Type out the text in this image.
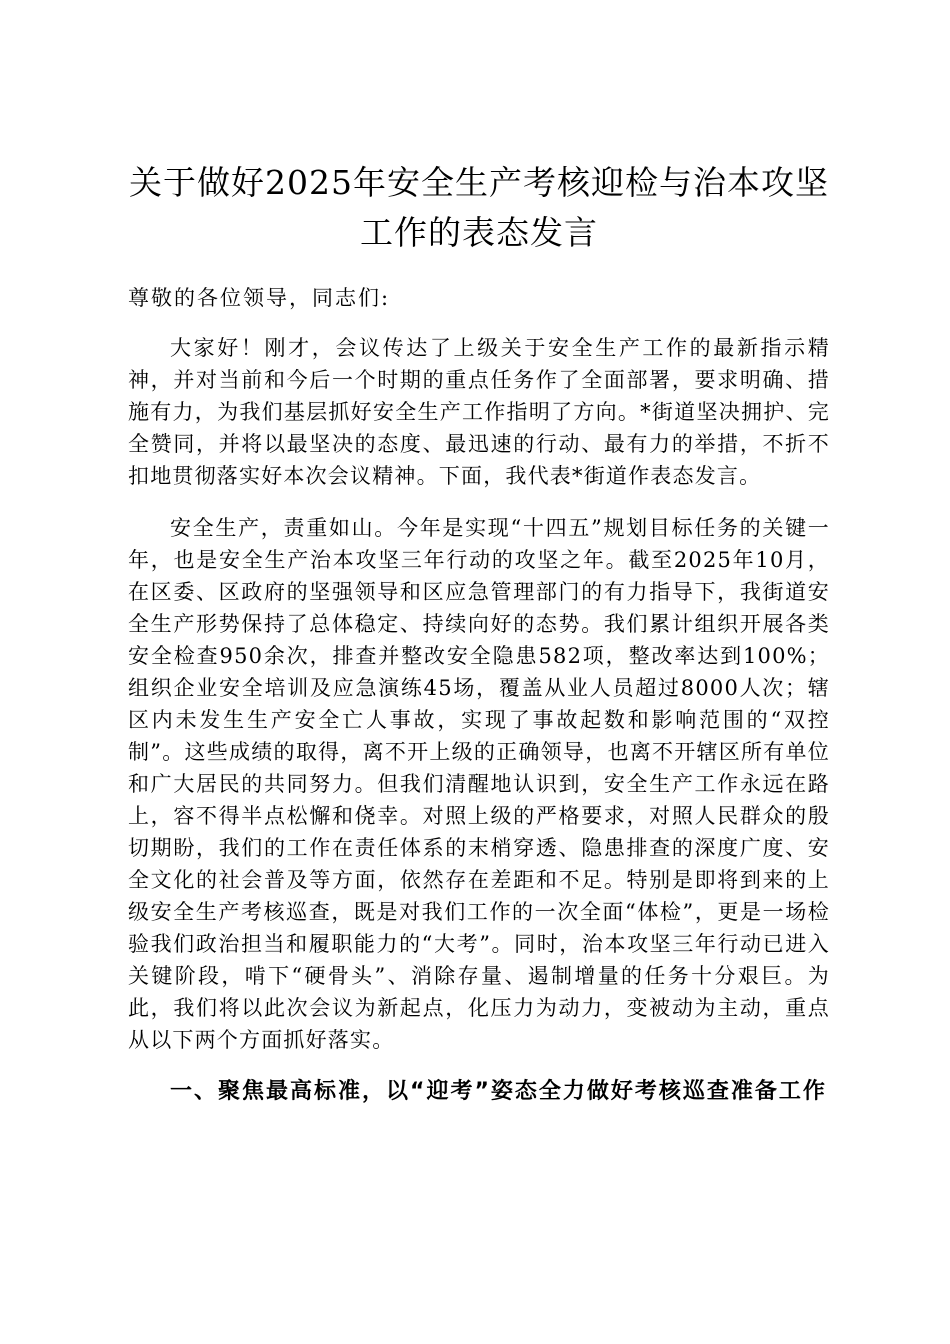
关于做好2025年安全生产考核迎检与治本攻坚工作的表态发言

尊敬的各位领导，同志们:

大家好！刚才，会议传达了上级关于安全生产工作的最新指示精神，并对当前和今后一个时期的重点任务作了全面部署，要求明确、措施有力，为我们基层抓好安全生产工作指明了方向。*街道坚决拥护、完全赞同，并将以最坚决的态度、最迅速的行动、最有力的举措，不折不扣地贯彻落实好本次会议精神。下面，我代表*街道作表态发言。

安全生产，责重如山。今年是实现“十四五”规划目标任务的关键一年，也是安全生产治本攻坚三年行动的攻坚之年。截至2025年10月，在区委、区政府的坚强领导和区应急管理部门的有力指导下，我街道安全生产形势保持了总体稳定、持续向好的态势。我们累计组织开展各类安全检查950余次，排查并整改安全隐患582项，整改率达到100%；组织企业安全培训及应急演练45场，覆盖从业人员超过8000人次；辖区内未发生生产安全亡人事故，实现了事故起数和影响范围的“双控制”。这些成绩的取得，离不开上级的正确领导，也离不开辖区所有单位和广大居民的共同努力。但我们清醒地认识到，安全生产工作永远在路上，容不得半点松懈和侥幸。对照上级的严格要求，对照人民群众的殷切期盼，我们的工作在责任体系的末梢穿透、隐患排查的深度广度、安全文化的社会普及等方面，依然存在差距和不足。特别是即将到来的上级安全生产考核巡查，既是对我们工作的一次全面“体检”，更是一场检验我们政治担当和履职能力的“大考”。同时，治本攻坚三年行动已进入关键阶段，啃下“硬骨头”、消除存量、遏制增量的任务十分艰巨。为此，我们将以此次会议为新起点，化压力为动力，变被动为主动，重点从以下两个方面抓好落实。

一、聚焦最高标准，以“迎考”姿态全力做好考核巡查准备工作
